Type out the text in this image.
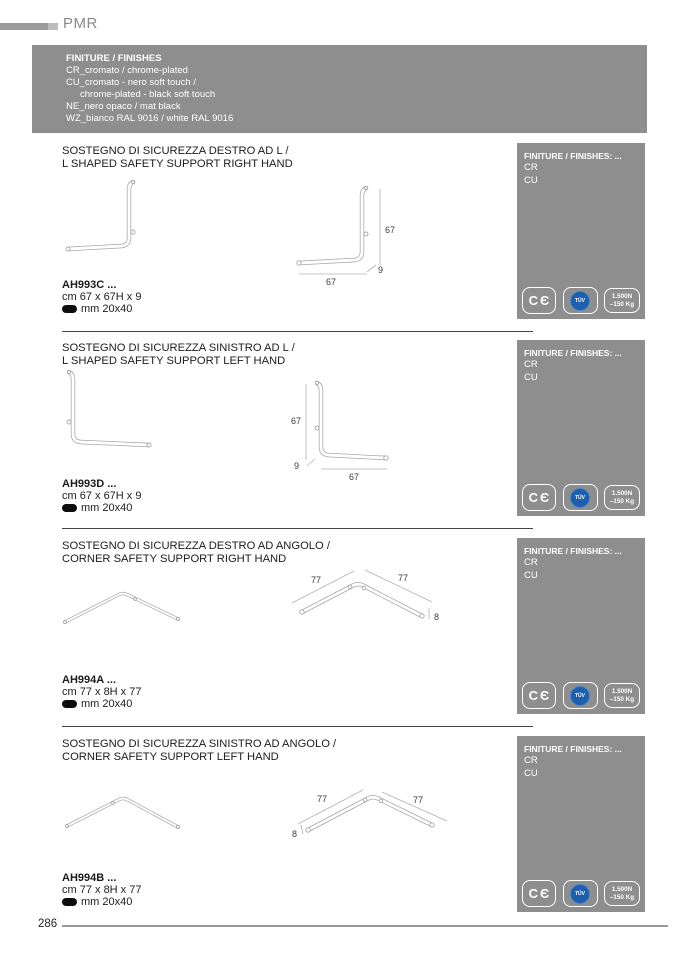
PMR
FINITURE / FINISHES
CR_cromato / chrome-plated
CU_cromato - nero soft touch /
chrome-plated - black soft touch
NE_nero opaco / mat black
WZ_bianco RAL 9016 / white RAL 9016
SOSTEGNO DI SICUREZZA DESTRO AD L /
L SHAPED SAFETY SUPPORT RIGHT HAND
67
9
67
AH993C ...
cm 67 x 67H x 9
mm 20x40
FINITURE / FINISHES: ...
CR
CU
CЄ	TÜV
1.500N
–150 Kg
SOSTEGNO DI SICUREZZA SINISTRO AD L /
L SHAPED SAFETY SUPPORT LEFT HAND
67
9
67
AH993D ...
cm 67 x 67H x 9
mm 20x40
FINITURE / FINISHES: ...
CR
CU
CЄ	TÜV
1.500N
–150 Kg
SOSTEGNO DI SICUREZZA DESTRO AD ANGOLO /
CORNER SAFETY SUPPORT RIGHT HAND
77	77
8
AH994A ...
cm 77 x 8H x 77
mm 20x40
FINITURE / FINISHES: ...
CR
CU
CЄ	TÜV
1.500N
–150 Kg
SOSTEGNO DI SICUREZZA SINISTRO AD ANGOLO /
CORNER SAFETY SUPPORT LEFT HAND
77	77
8
AH994B ...
cm 77 x 8H x 77
mm 20x40
FINITURE / FINISHES: ...
CR
CU
CЄ	TÜV
1.500N
–150 Kg
286
